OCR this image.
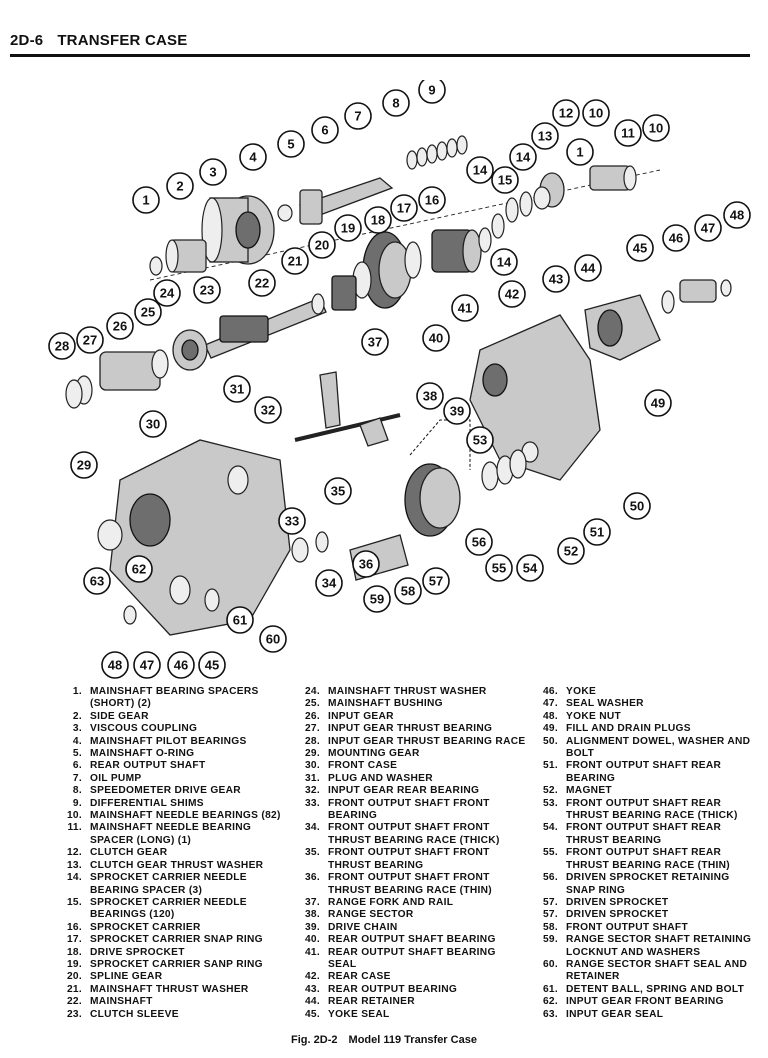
2D-6 TRANSFER CASE
9
8
7	12 10
6	11 10
5
13
4	1
14
15
3	14
2
1	16
17
18
47
48
19
45
46
20
21	14	44
43
22
42
24 23
41
25
26
27
28	37	40
31	38
32	49
30
39
53
29
35
51
33
36
50
62
56
52
63
55 54
34
58
57
59
61
60
48 47 46 45
1. MAINSHAFT BEARING SPACERS
(SHORT) (2)
2. SIDE GEAR
3. VISCOUS COUPLING
4. MAINSHAFT PILOT BEARINGS
5. MAINSHAFT O-RING
6. REAR OUTPUT SHAFT
7. OIL PUMP
8. SPEEDOMETER DRIVE GEAR
9. DIFFERENTIAL SHIMS
10. MAINSHAFT NEEDLE BEARINGS (82)
11. MAINSHAFT NEEDLE BEARING
SPACER (LONG) (1)
12. CLUTCH GEAR
13. CLUTCH GEAR THRUST WASHER
14. SPROCKET CARRIER NEEDLE
BEARING SPACER (3)
15. SPROCKET CARRIER NEEDLE
BEARINGS (120)
16. SPROCKET CARRIER
17. SPROCKET CARRIER SNAP RING
18. DRIVE SPROCKET
19. SPROCKET CARRIER SANP RING
20. SPLINE GEAR
21. MAINSHAFT THRUST WASHER
22. MAINSHAFT
23. CLUTCH SLEEVE
24. MAINSHAFT THRUST WASHER
25. MAINSHAFT BUSHING
26. INPUT GEAR
27. INPUT GEAR THRUST BEARING
28. INPUT GEAR THRUST BEARING RACE
29. MOUNTING GEAR
30. FRONT CASE
31. PLUG AND WASHER
32. INPUT GEAR REAR BEARING
33. FRONT OUTPUT SHAFT FRONT
BEARING
34. FRONT OUTPUT SHAFT FRONT
THRUST BEARING RACE (THICK)
35. FRONT OUTPUT SHAFT FRONT
THRUST BEARING
36. FRONT OUTPUT SHAFT FRONT
THRUST BEARING RACE (THIN)
37. RANGE FORK AND RAIL
38. RANGE SECTOR
39. DRIVE CHAIN
40. REAR OUTPUT SHAFT BEARING
41. REAR OUTPUT SHAFT BEARING
SEAL
42. REAR CASE
43. REAR OUTPUT BEARING
44. REAR RETAINER
45. YOKE SEAL
46. YOKE
47. SEAL WASHER
48. YOKE NUT
49. FILL AND DRAIN PLUGS
50. ALIGNMENT DOWEL, WASHER AND
BOLT
51. FRONT OUTPUT SHAFT REAR
BEARING
52. MAGNET
53. FRONT OUTPUT SHAFT REAR
THRUST BEARING RACE (THICK)
54. FRONT OUTPUT SHAFT REAR
THRUST BEARING
55. FRONT OUTPUT SHAFT REAR
THRUST BEARING RACE (THIN)
56. DRIVEN SPROCKET RETAINING
SNAP RING
57. DRIVEN SPROCKET
57. DRIVEN SPROCKET
58. FRONT OUTPUT SHAFT
59. RANGE SECTOR SHAFT RETAINING
LOCKNUT AND WASHERS
60. RANGE SECTOR SHAFT SEAL AND
RETAINER
61. DETENT BALL, SPRING AND BOLT
62. INPUT GEAR FRONT BEARING
63. INPUT GEAR SEAL
Fig. 2D-2 Model 119 Transfer Case
